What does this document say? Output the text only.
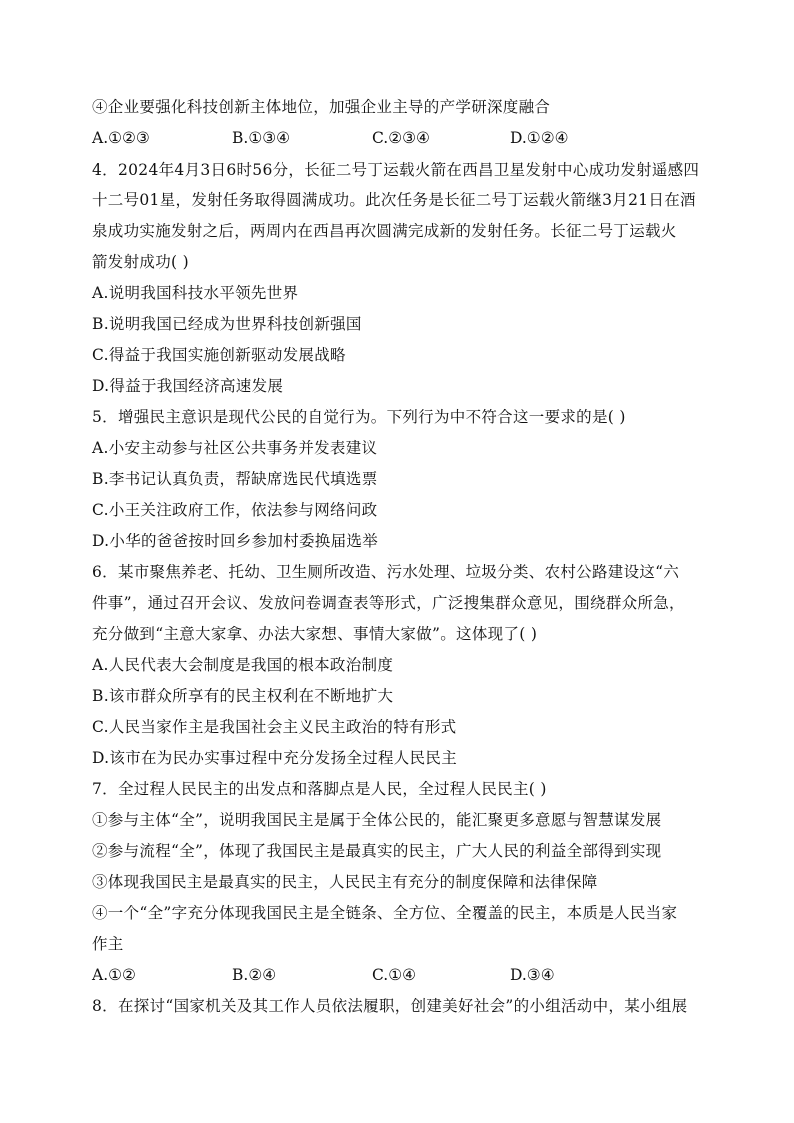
④企业要强化科技创新主体地位，加强企业主导的产学研深度融合
A.①②③	B.①③④	C.②③④	D.①②④
4．2024年4月3日6时56分，长征二号丁运载火箭在西昌卫星发射中心成功发射遥感四
十二号01星，发射任务取得圆满成功。此次任务是长征二号丁运载火箭继3月21日在酒
泉成功实施发射之后，两周内在西昌再次圆满完成新的发射任务。长征二号丁运载火
箭发射成功( )
A.说明我国科技水平领先世界
B.说明我国已经成为世界科技创新强国
C.得益于我国实施创新驱动发展战略
D.得益于我国经济高速发展
5．增强民主意识是现代公民的自觉行为。下列行为中不符合这一要求的是( )
A.小安主动参与社区公共事务并发表建议
B.李书记认真负责，帮缺席选民代填选票
C.小王关注政府工作，依法参与网络问政
D.小华的爸爸按时回乡参加村委换届选举
6．某市聚焦养老、托幼、卫生厕所改造、污水处理、垃圾分类、农村公路建设这“六
件事”，通过召开会议、发放问卷调查表等形式，广泛搜集群众意见，围绕群众所急，
充分做到“主意大家拿、办法大家想、事情大家做”。这体现了( )
A.人民代表大会制度是我国的根本政治制度
B.该市群众所享有的民主权利在不断地扩大
C.人民当家作主是我国社会主义民主政治的特有形式
D.该市在为民办实事过程中充分发扬全过程人民民主
7．全过程人民民主的出发点和落脚点是人民，全过程人民民主( )
①参与主体“全”，说明我国民主是属于全体公民的，能汇聚更多意愿与智慧谋发展
②参与流程“全”，体现了我国民主是最真实的民主，广大人民的利益全部得到实现
③体现我国民主是最真实的民主，人民民主有充分的制度保障和法律保障
④一个“全”字充分体现我国民主是全链条、全方位、全覆盖的民主，本质是人民当家
作主
A.①②	B.②④	C.①④	D.③④
8．在探讨“国家机关及其工作人员依法履职，创建美好社会”的小组活动中，某小组展
